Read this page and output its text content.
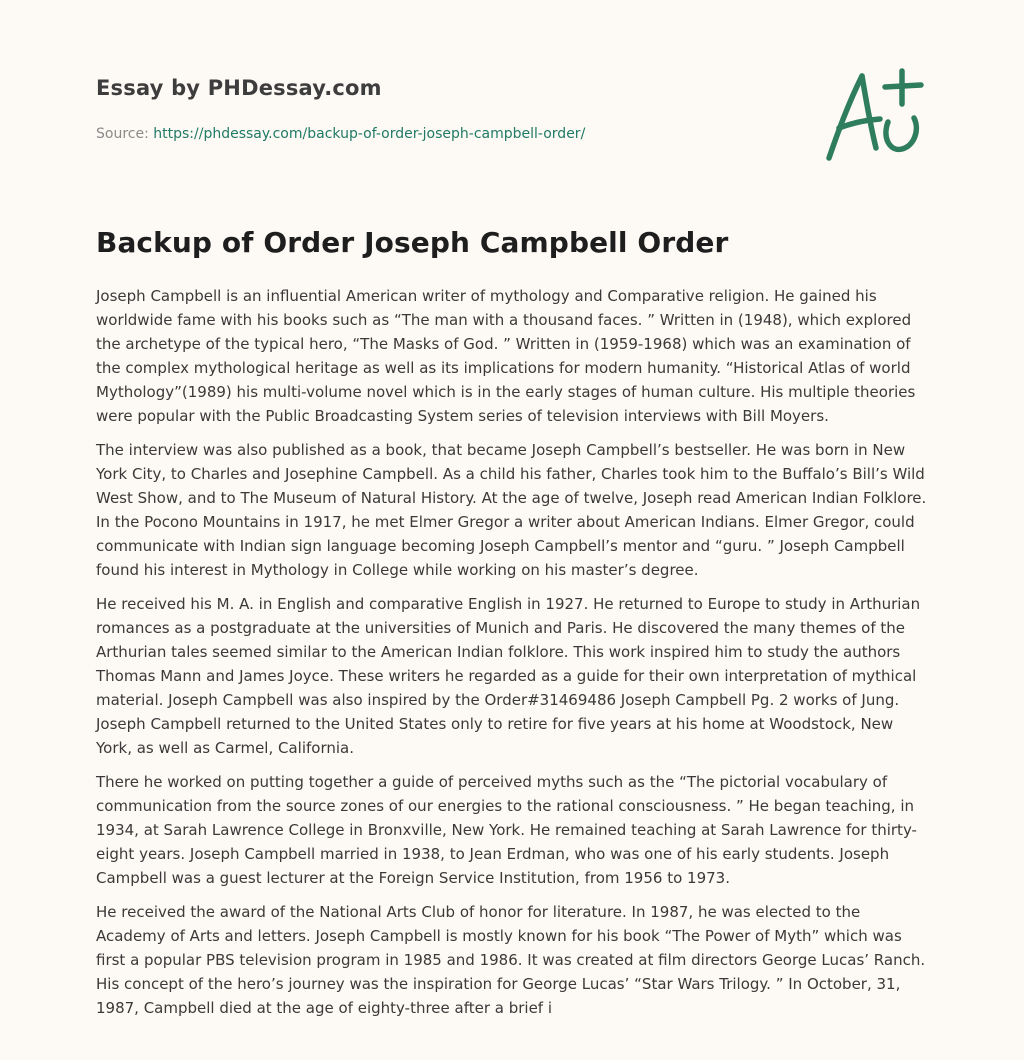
Essay by PHDessay.com
Source: https://phdessay.com/backup-of-order-joseph-campbell-order/
Backup of Order Joseph Campbell Order

Joseph Campbell is an influential American writer of mythology and Comparative religion. He gained his worldwide fame with his books such as “The man with a thousand faces. ” Written in (1948), which explored the archetype of the typical hero, “The Masks of God. ” Written in (1959-1968) which was an examination of the complex mythological heritage as well as its implications for modern humanity. “Historical Atlas of world Mythology”(1989) his multi-volume novel which is in the early stages of human culture. His multiple theories were popular with the Public Broadcasting System series of television interviews with Bill Moyers.

The interview was also published as a book, that became Joseph Campbell’s bestseller. He was born in New York City, to Charles and Josephine Campbell. As a child his father, Charles took him to the Buffalo’s Bill’s Wild West Show, and to The Museum of Natural History. At the age of twelve, Joseph read American Indian Folklore. In the Pocono Mountains in 1917, he met Elmer Gregor a writer about American Indians. Elmer Gregor, could communicate with Indian sign language becoming Joseph Campbell’s mentor and “guru. ” Joseph Campbell found his interest in Mythology in College while working on his master’s degree.

He received his M. A. in English and comparative English in 1927. He returned to Europe to study in Arthurian romances as a postgraduate at the universities of Munich and Paris. He discovered the many themes of the Arthurian tales seemed similar to the American Indian folklore. This work inspired him to study the authors Thomas Mann and James Joyce. These writers he regarded as a guide for their own interpretation of mythical material. Joseph Campbell was also inspired by the Order#31469486 Joseph Campbell Pg. 2 works of Jung. Joseph Campbell returned to the United States only to retire for five years at his home at Woodstock, New York, as well as Carmel, California.

There he worked on putting together a guide of perceived myths such as the “The pictorial vocabulary of communication from the source zones of our energies to the rational consciousness. ” He began teaching, in 1934, at Sarah Lawrence College in Bronxville, New York. He remained teaching at Sarah Lawrence for thirty-eight years. Joseph Campbell married in 1938, to Jean Erdman, who was one of his early students. Joseph Campbell was a guest lecturer at the Foreign Service Institution, from 1956 to 1973.

He received the award of the National Arts Club of honor for literature. In 1987, he was elected to the Academy of Arts and letters. Joseph Campbell is mostly known for his book “The Power of Myth” which was first a popular PBS television program in 1985 and 1986. It was created at film directors George Lucas’ Ranch. His concept of the hero’s journey was the inspiration for George Lucas’ “Star Wars Trilogy. ” In October, 31, 1987, Campbell died at the age of eighty-three after a brief i
